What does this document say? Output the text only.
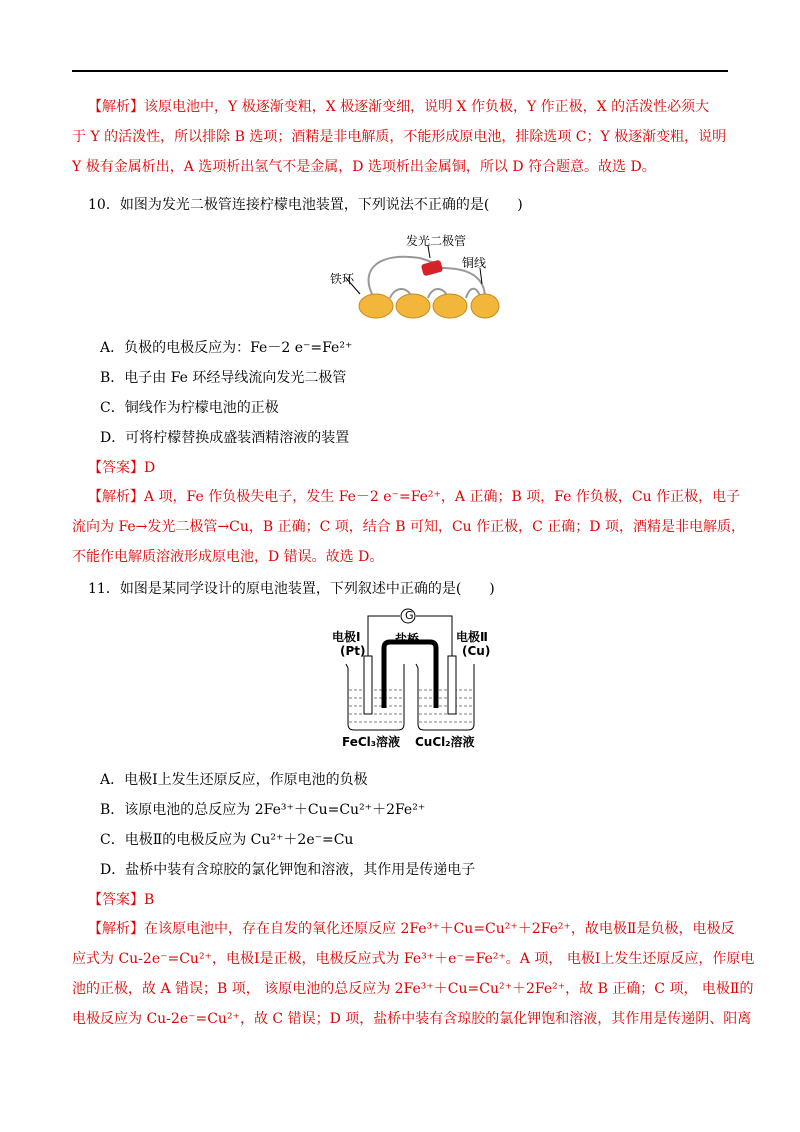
【解析】该原电池中，Y 极逐渐变粗，X 极逐渐变细，说明 X 作负极，Y 作正极，X 的活泼性必须大
于 Y 的活泼性，所以排除 B 选项；酒精是非电解质，不能形成原电池，排除选项 C；Y 极逐渐变粗，说明
Y 极有金属析出，A 选项析出氢气不是金属，D 选项析出金属铜，所以 D 符合题意。故选 D。
10．如图为发光二极管连接柠檬电池装置，下列说法不正确的是(　　)
发光二极管
铁环
铜线
A．负极的电极反应为：Fe－2 e⁻=Fe²⁺
B．电子由 Fe 环经导线流向发光二极管
C．铜线作为柠檬电池的正极
D．可将柠檬替换成盛装酒精溶液的装置
【答案】D
【解析】A 项，Fe 作负极失电子，发生 Fe－2 e⁻=Fe²⁺，A 正确；B 项，Fe 作负极，Cu 作正极，电子
流向为 Fe→发光二极管→Cu，B 正确；C 项，结合 B 可知，Cu 作正极，C 正确；D 项，酒精是非电解质，
不能作电解质溶液形成原电池，D 错误。故选 D。
11．如图是某同学设计的原电池装置，下列叙述中正确的是(　　)
G
盐桥
电极Ⅰ
(Pt)
电极Ⅱ
(Cu)
FeCl₃溶液 CuCl₂溶液
A．电极Ⅰ上发生还原反应，作原电池的负极
B．该原电池的总反应为 2Fe³⁺＋Cu=Cu²⁺＋2Fe²⁺
C．电极Ⅱ的电极反应为 Cu²⁺＋2e⁻=Cu
D．盐桥中装有含琼胶的氯化钾饱和溶液，其作用是传递电子
【答案】B
【解析】在该原电池中，存在自发的氧化还原反应 2Fe³⁺＋Cu=Cu²⁺＋2Fe²⁺，故电极Ⅱ是负极，电极反
应式为 Cu-2e⁻=Cu²⁺，电极Ⅰ是正极，电极反应式为 Fe³⁺＋e⁻=Fe²⁺。A 项， 电极Ⅰ上发生还原反应，作原电
池的正极，故 A 错误；B 项， 该原电池的总反应为 2Fe³⁺＋Cu=Cu²⁺＋2Fe²⁺，故 B 正确；C 项， 电极Ⅱ的
电极反应为 Cu-2e⁻=Cu²⁺，故 C 错误；D 项，盐桥中装有含琼胶的氯化钾饱和溶液，其作用是传递阴、阳离
